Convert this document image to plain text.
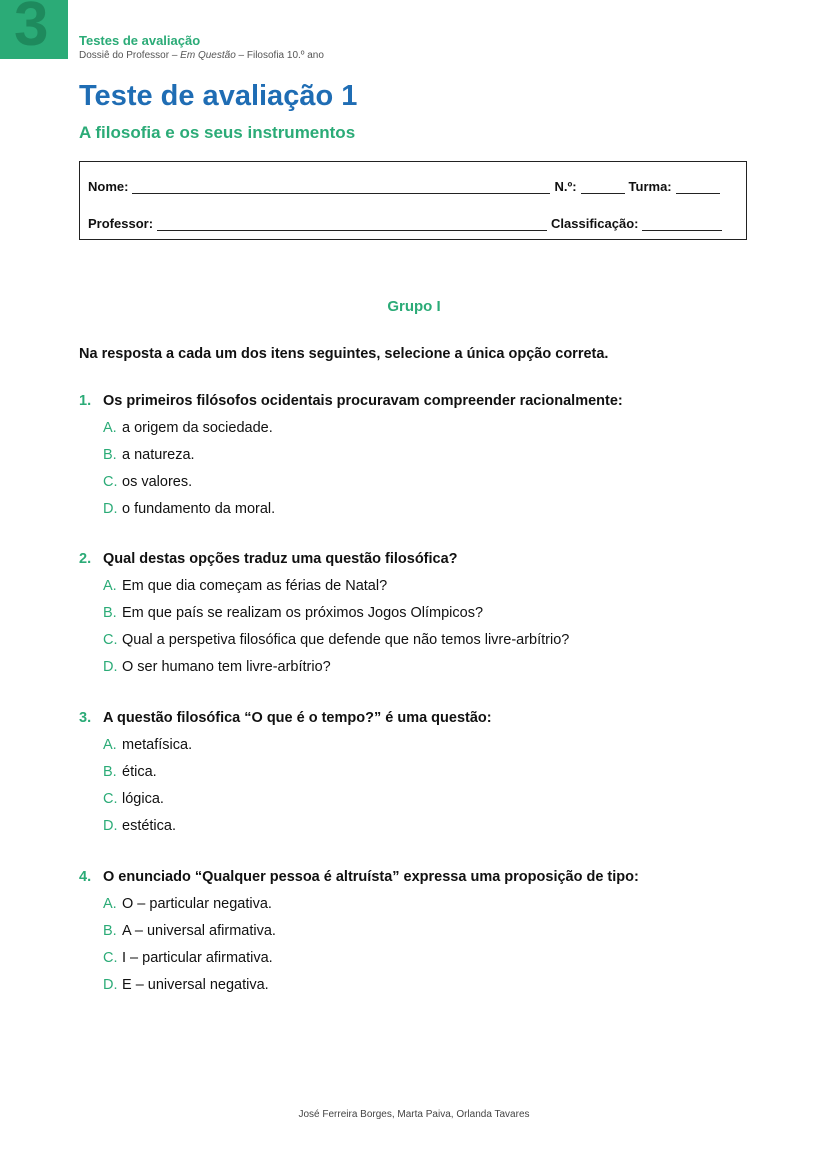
3 Testes de avaliação
Dossiê do Professor – Em Questão – Filosofia 10.º ano
Teste de avaliação 1
A filosofia e os seus instrumentos
Nome:	N.º:	Turma:
Professor:	Classificação:
Grupo I
Na resposta a cada um dos itens seguintes, selecione a única opção correta.
1. Os primeiros filósofos ocidentais procuravam compreender racionalmente:
A. a origem da sociedade.
B. a natureza.
C. os valores.
D. o fundamento da moral.
2. Qual destas opções traduz uma questão filosófica?
A. Em que dia começam as férias de Natal?
B. Em que país se realizam os próximos Jogos Olímpicos?
C. Qual a perspetiva filosófica que defende que não temos livre-arbítrio?
D. O ser humano tem livre-arbítrio?
3. A questão filosófica “O que é o tempo?” é uma questão:
A. metafísica.
B. ética.
C. lógica.
D. estética.
4. O enunciado “Qualquer pessoa é altruísta” expressa uma proposição de tipo:
A. O – particular negativa.
B. A – universal afirmativa.
C. I – particular afirmativa.
D. E – universal negativa.
José Ferreira Borges, Marta Paiva, Orlanda Tavares
